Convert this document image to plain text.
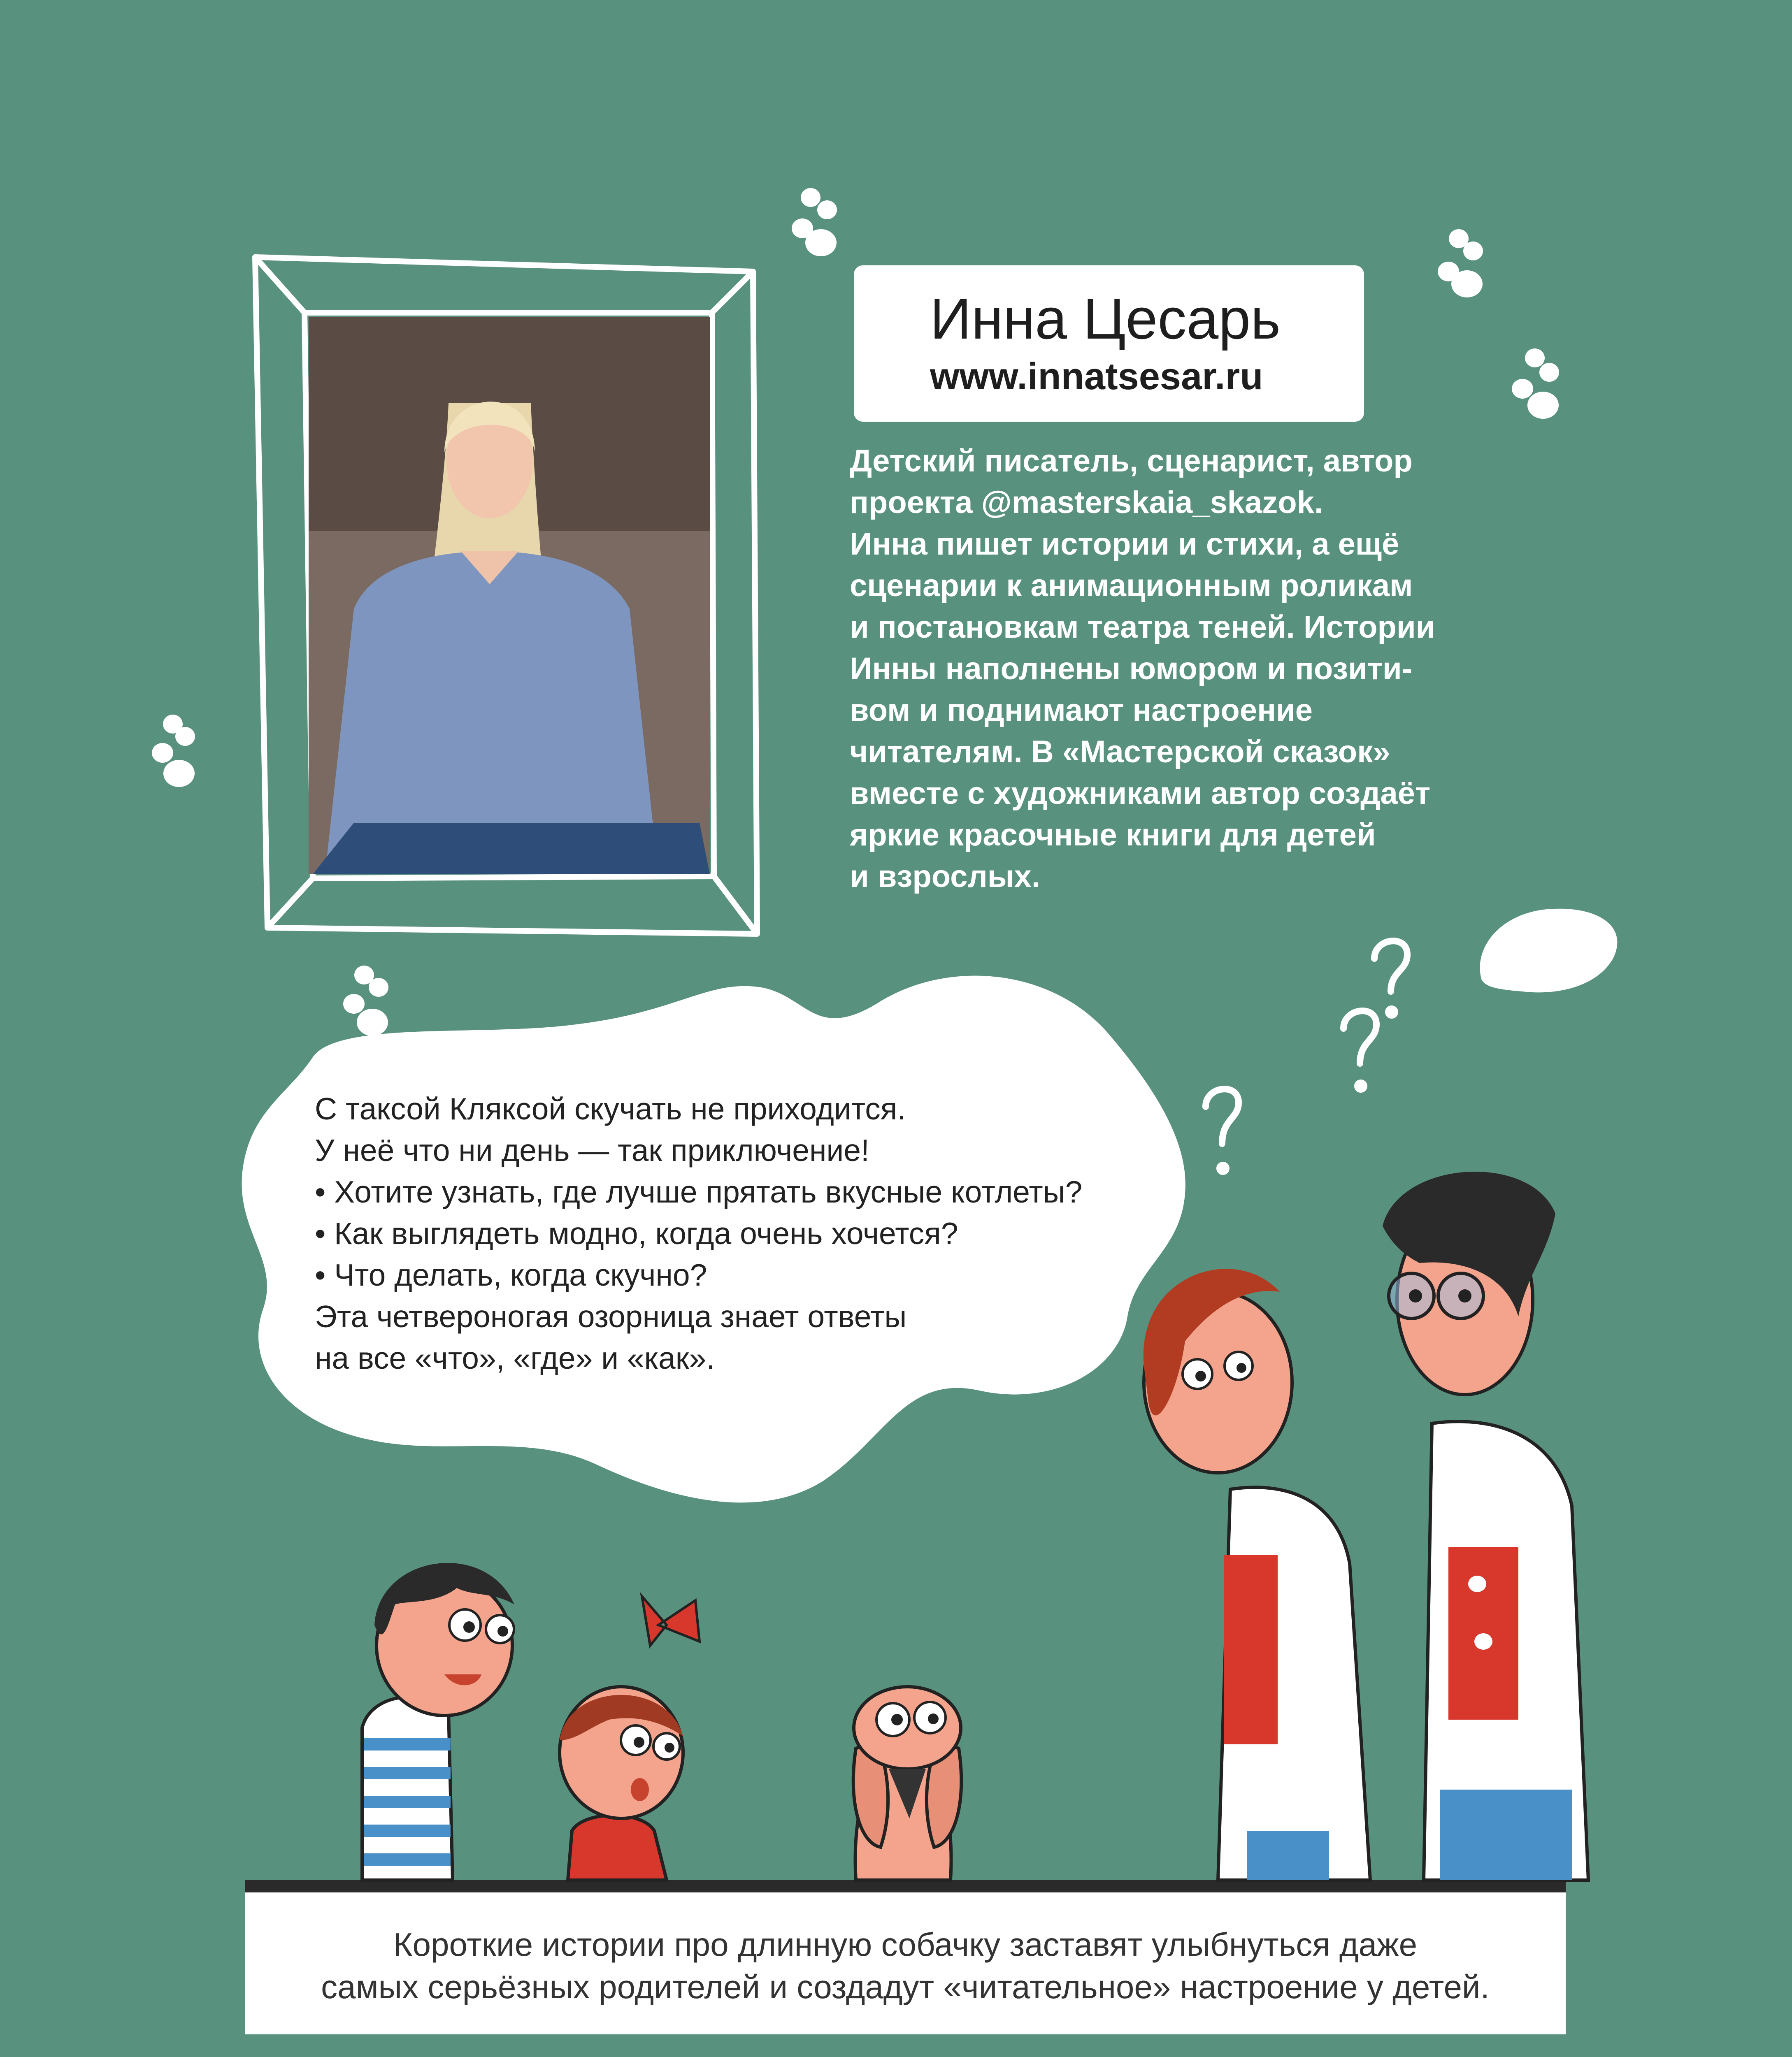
Инна Цесарь
www.innatsesar.ru
Детский писатель, сценарист, автор
проекта @masterskaia_skazok.
Инна пишет истории и стихи, а ещё
сценарии к анимационным роликам
и постановкам театра теней. Истории
Инны наполнены юмором и позити-
вом и поднимают настроение
читателям. В «Мастерской сказок»
вместе с художниками автор создаёт
яркие красочные книги для детей
и взрослых.
С таксой Кляксой скучать не приходится.
У неё что ни день — так приключение!
• Хотите узнать, где лучше прятать вкусные котлеты?
• Как выглядеть модно, когда очень хочется?
• Что делать, когда скучно?
Эта четвероногая озорница знает ответы
на все «что», «где» и «как».
Короткие истории про длинную собачку заставят улыбнуться даже
самых серьёзных родителей и создадут «читательное» настроение у детей.
